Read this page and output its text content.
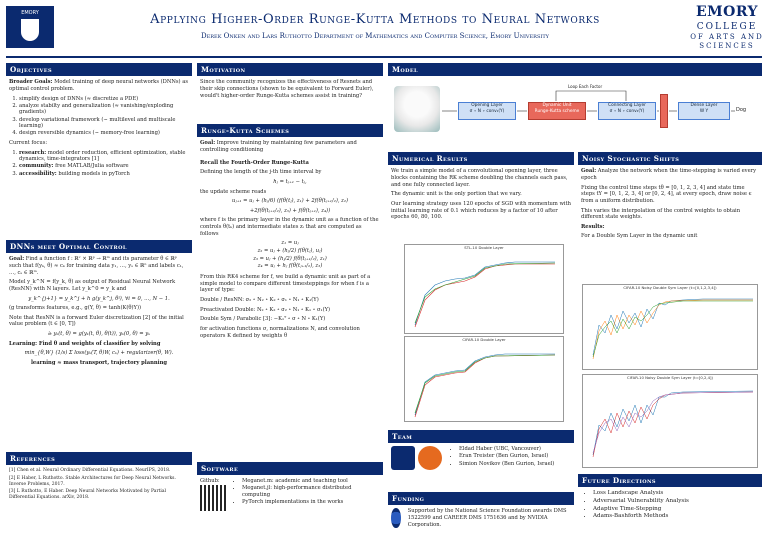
EMORY	Applying Higher-Order Runge-Kutta Methods to Neural Networks
Derek Onken and Lars Ruthotto Department of Mathematics and Computer Science, Emory University
EMORY
COLLEGE
OF ARTS AND
SCIENCES
Objectives

Broader Goals: Model training of deep neural networks (DNNs) as optimal control problem.

1. simplify design of DNNs (≈ discretize a PDE)
2. analyze stabilty and generalization (≈ vanishing/exploding gradients)
3. develop variational framework (∼ multilevel and multiscale learning)
4. design reversible dynamics (∼ memory-free learning)

Current focus:

1. research: model order reduction, efficient optimization, stable dynamics, time-integrators [1]
2. community: free MATLAB/Julia software
3. accessibility: building models in pyTorch
DNNs meet Optimal Control

Goal: Find a function f : ℝᵛ × ℝᵖ → ℝᵐ and its parameter θ ∈ ℝᵖ such that f(yₖ, θ) ≈ cₖ for training data y₁, …, yₛ ∈ ℝⁿ and labels c₁, …, cₛ ∈ ℝᵐ.

Model y_k^N = f(y_k, θ) as output of Residual Neural Network (ResNN) with N layers. Let y_k^0 = y_k and

y_k^{j+1} = y_k^j + h g(y_k^j, θʲ), ∀i = 0, …, N − 1.

(g transforms features, e.g., g(Y, θ) = tanh(K(θ)Y))

Note that ResNN is a forward Euler discretization [2] of the initial value problem (t ∈ [0, T])

∂ₜ yₖ(t, θ) = g(yₖ(t, θ), θ(t)), yₖ(0, θ) = yₖ

Learning: Find θ and weights of classifier by solving

min_{θ,W} (1/s) Σ loss(yₖ(T, θ)W, cₖ) + regularizer(θ, W).

learning ≈ mass transport, trajectory planning

References

[1] Chen et al. Neural Ordinary Differential Equations. NeurIPS, 2018.

[2] E Haber, L Ruthotto. Stable Architectures for Deep Neural Networks. Inverse Problems, 2017.

[3] L Ruthotto, E Haber. Deep Neural Networks Motivated by Partial Differential Equations. arXiv, 2018.

Motivation

Since the community recognizes the effectiveness of Resnets and their skip connections (shown to be equivalent to Forward Euler), would't higher-order Runge-Kutta schemes assist in training?

Runge-Kutta Schemes

Goal: Improve training by maintaining few parameters and controlling conditioning

Recall the Fourth-Order Runge-Kutta

Defining the length of the j-th time interval by

hⱼ = tⱼ₊₁ − tⱼ,

the update scheme reads

uⱼ₊₁ = uⱼ + (hⱼ/6) (f(θ(tⱼ), z₁) + 2f(θ(tⱼ₊₁/₂), z₂)
+2f(θ(tⱼ₊₁/₂), z₃) + f(θ(tⱼ₊₁), z₄))

where f is the primary layer in the dynamic unit as a function of the controls θ(tₖ) and intermediate states zᵢ that are computed as follows

z₁ = uⱼ
z₂ = uⱼ + (hⱼ/2) f(θ(tⱼ), uⱼ)
z₃ = uⱼ + (hⱼ/2) f(θ(tⱼ₊₁/₂), z₁)
z₄ = uⱼ + hⱼ f(θ(tⱼ₊₁/₂), z₃)

From this RK4 scheme for f, we build a dynamic unit as part of a simple model to compare different timesteppings for when f is a layer of type:

Double / ResNN: σ₂ ∘ N₂ ∘ K₂ ∘ σ₁ ∘ N₁ ∘ K₁(Y)

Preactivated Double: N₂ ∘ K₂ ∘ σ₂ ∘ N₁ ∘ K₁ ∘ σ₁(Y)

Double Sym / Parabolic [3]: −K₁ᵀ ∘ σ ∘ N ∘ K₁(Y)

for activation functions σ, normalizations N, and convolution operators K defined by weights θ

Software
Github:
•	Meganet.m: academic and teaching tool
• Meganet.jl: high-performance distributed computing
• PyTorch implementations in the works
Model
Opening Layer
σ ∘ N ∘ conv₁(Y)
Dynamic Unit
Runge-Kutta scheme
Connecting Layer
σ ∘ N ∘ conv₂(Y)
Dense Layer
W Y	Dog
Loop Each Factor
Numerical Results

We train a simple model of a convolutional opening layer, three blocks containing the RK scheme doubling the channels each pass, and one fully connected layer.

The dynamic unit is the only portion that we vary.

Our learning strategy uses 120 epochs of SGD with momentum with initial learning rate of 0.1 which reduces by a factor of 10 after epochs 60, 80, 100.

STL-10 Double Layer
CIFAR-10 Double Layer
Noisy Stochastic Shifts

Goal: Analyze the network when the time-stepping is varied every epoch

Fixing the control time steps tθ = [0, 1, 2, 3, 4] and state time steps tY = [0, 1, 2, 3, 4] or [0, 2, 4], at every epoch, draw noise ϵ from a uniform distribution.

This varies the interpolation of the control weights to obtain different state weights.

Results:

For a Double Sym Layer in the dynamic unit

CIFAR-10 Noisy Double Sym Layer (t=[0,1,2,3,4])
CIFAR-10 Noisy Double Sym Layer (t=[0,2,4])
Team
• Eldad Haber (UBC, Vancouver)
• Eran Treister (Ben Gurion, Israel)
• Simion Novikov (Ben Gurion, Israel)
Funding

Supported by the National Science Foundation awards DMS 1522599 and CAREER DMS 1751636 and by NVIDIA Corporation.

Future Directions
• Loss Landscape Analysis
• Adversarial Vulnerability Analysis
• Adaptive Time-Stepping
• Adams-Bashforth Methods
